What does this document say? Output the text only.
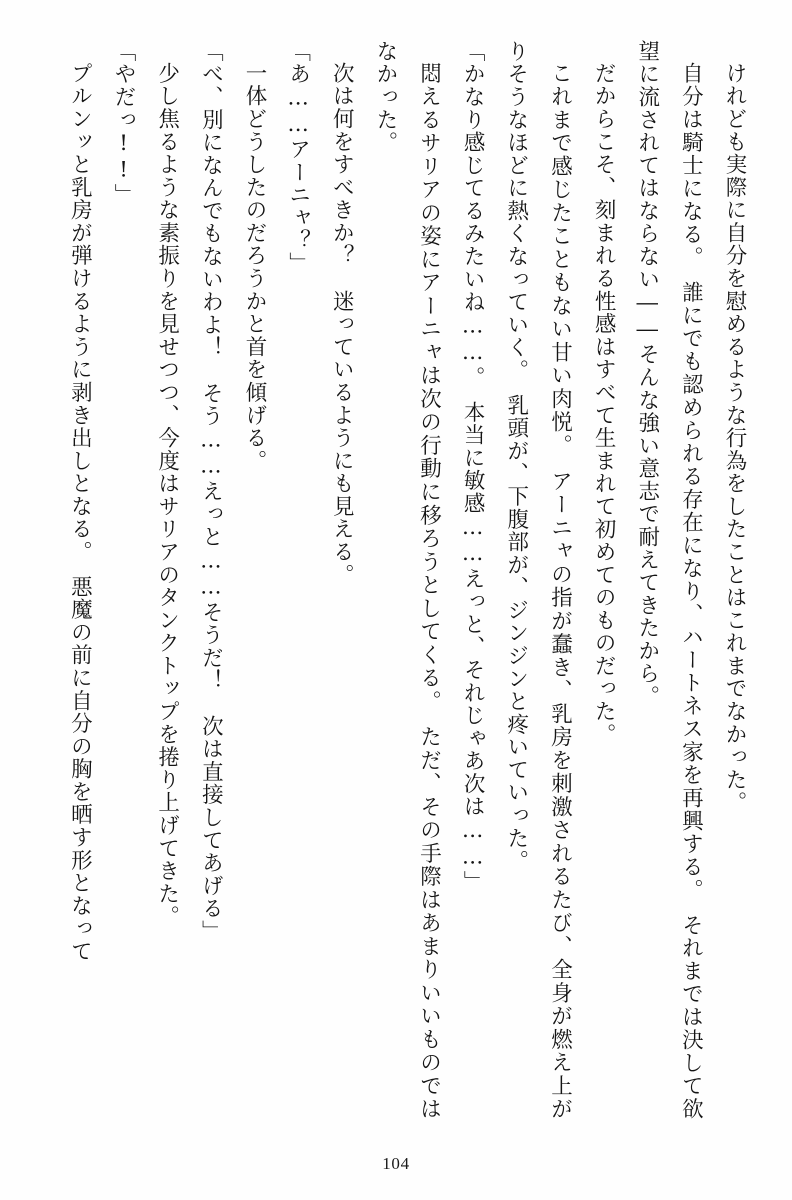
けれども実際に自分を慰めるような行為をしたことはこれまでなかった。

自分は騎士になる。　誰にでも認められる存在になり、ハートネス家を再興する。　それまでは決して欲望に流されてはならない――そんな強い意志で耐えてきたから。

だからこそ、刻まれる性感はすべて生まれて初めてのものだった。

これまで感じたこともない甘い肉悦。　アーニャの指が蠢き、乳房を刺激されるたび、全身が燃え上がりそうなほどに熱くなっていく。　乳頭が、下腹部が、ジンジンと疼いていった。

「かなり感じてるみたいね……。　本当に敏感……えっと、それじゃあ次は……」

悶えるサリアの姿にアーニャは次の行動に移ろうとしてくる。　ただ、その手際はあまりいいものではなかった。

次は何をすべきか？　迷っているようにも見える。

「あ……アーニャ？」

一体どうしたのだろうかと首を傾げる。

「べ、別になんでもないわよ！　そう……えっと……そうだ！　次は直接してあげる」

少し焦るような素振りを見せつつ、今度はサリアのタンクトップを捲り上げてきた。

「やだっ!!」

プルンッと乳房が弾けるように剥き出しとなる。　悪魔の前に自分の胸を晒す形となって

104
